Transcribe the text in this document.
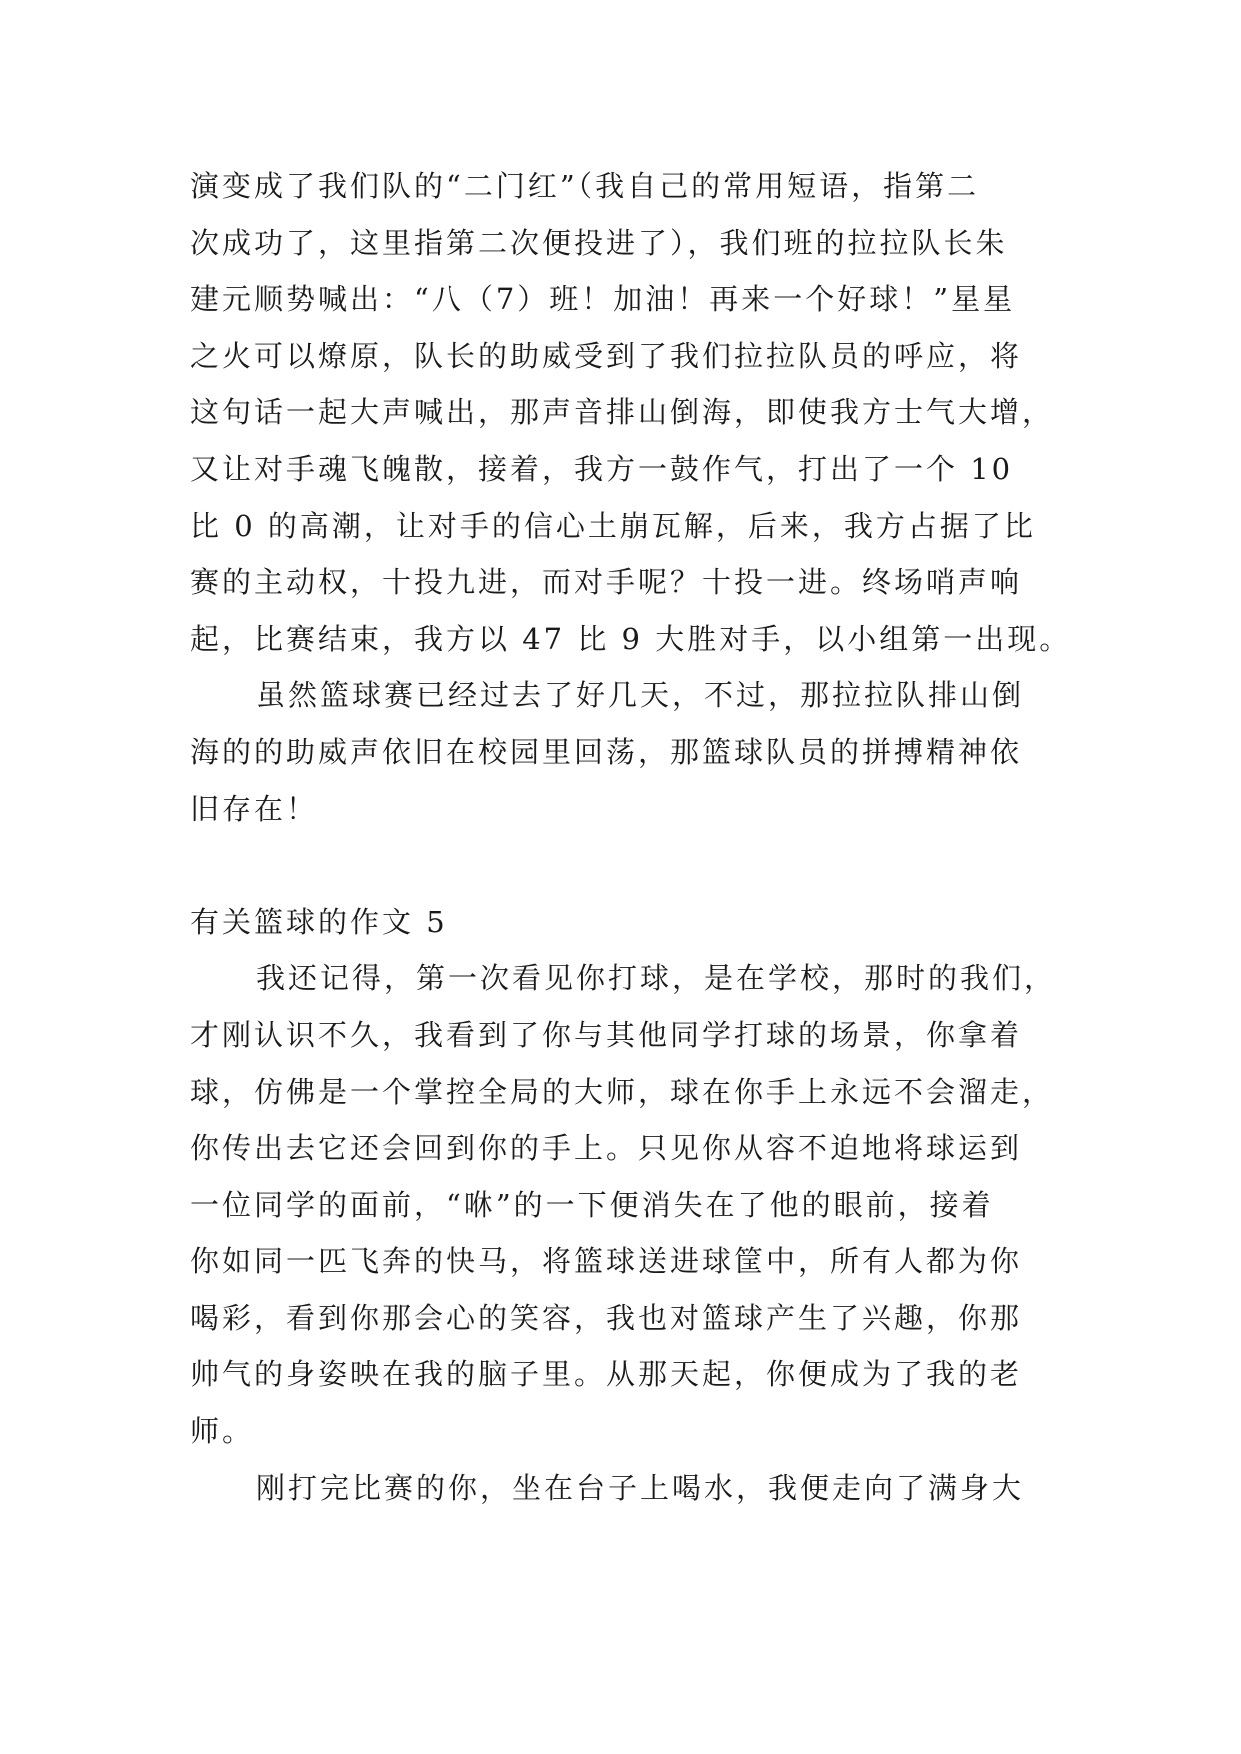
演变成了我们队的“二门红”（我自己的常用短语，指第二
次成功了，这里指第二次便投进了），我们班的拉拉队长朱
建元顺势喊出：“八（7）班！加油！再来一个好球！”星星
之火可以燎原，队长的助威受到了我们拉拉队员的呼应，将
这句话一起大声喊出，那声音排山倒海，即使我方士气大增，
又让对手魂飞魄散，接着，我方一鼓作气，打出了一个 10
比 0 的高潮，让对手的信心土崩瓦解，后来，我方占据了比
赛的主动权，十投九进，而对手呢？十投一进。终场哨声响
起，比赛结束，我方以 47 比 9 大胜对手，以小组第一出现。
虽然篮球赛已经过去了好几天，不过，那拉拉队排山倒
海的的助威声依旧在校园里回荡，那篮球队员的拼搏精神依
旧存在！
有关篮球的作文 5
我还记得，第一次看见你打球，是在学校，那时的我们，
才刚认识不久，我看到了你与其他同学打球的场景，你拿着
球，仿佛是一个掌控全局的大师，球在你手上永远不会溜走，
你传出去它还会回到你的手上。只见你从容不迫地将球运到
一位同学的面前，“咻”的一下便消失在了他的眼前，接着
你如同一匹飞奔的快马，将篮球送进球筐中，所有人都为你
喝彩，看到你那会心的笑容，我也对篮球产生了兴趣，你那
帅气的身姿映在我的脑子里。从那天起，你便成为了我的老
师。
刚打完比赛的你，坐在台子上喝水，我便走向了满身大
